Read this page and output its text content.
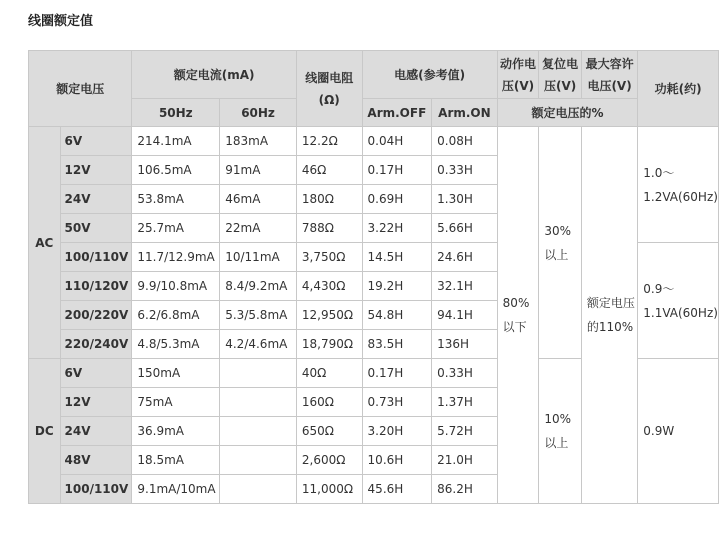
线圈额定值
额定电压		额定电流(mA)		线圈电阻(Ω)	电感(参考值)		动作电压(V)	复位电压(V)	最大容许电压(V)	功耗(约)
		50Hz	60Hz		Arm.OFF	Arm.ON	额定电压的%			
AC	6V	214.1mA	183mA	12.2Ω	0.04H	0.08H	80%以下	30%以上	额定电压的110%	1.0～1.2VA(60Hz)
	12V	106.5mA	91mA	46Ω	0.17H	0.33H				
	24V	53.8mA	46mA	180Ω	0.69H	1.30H				
	50V	25.7mA	22mA	788Ω	3.22H	5.66H				
	100/110V	11.7/12.9mA	10/11mA	3,750Ω	14.5H	24.6H				0.9～1.1VA(60Hz)
	110/120V	9.9/10.8mA	8.4/9.2mA	4,430Ω	19.2H	32.1H				
	200/220V	6.2/6.8mA	5.3/5.8mA	12,950Ω	54.8H	94.1H				
	220/240V	4.8/5.3mA	4.2/4.6mA	18,790Ω	83.5H	136H				
DC	6V	150mA		40Ω	0.17H	0.33H		10%以上		0.9W
	12V	75mA		160Ω	0.73H	1.37H				
	24V	36.9mA		650Ω	3.20H	5.72H				
	48V	18.5mA		2,600Ω	10.6H	21.0H				
	100/110V	9.1mA/10mA		11,000Ω	45.6H	86.2H				
